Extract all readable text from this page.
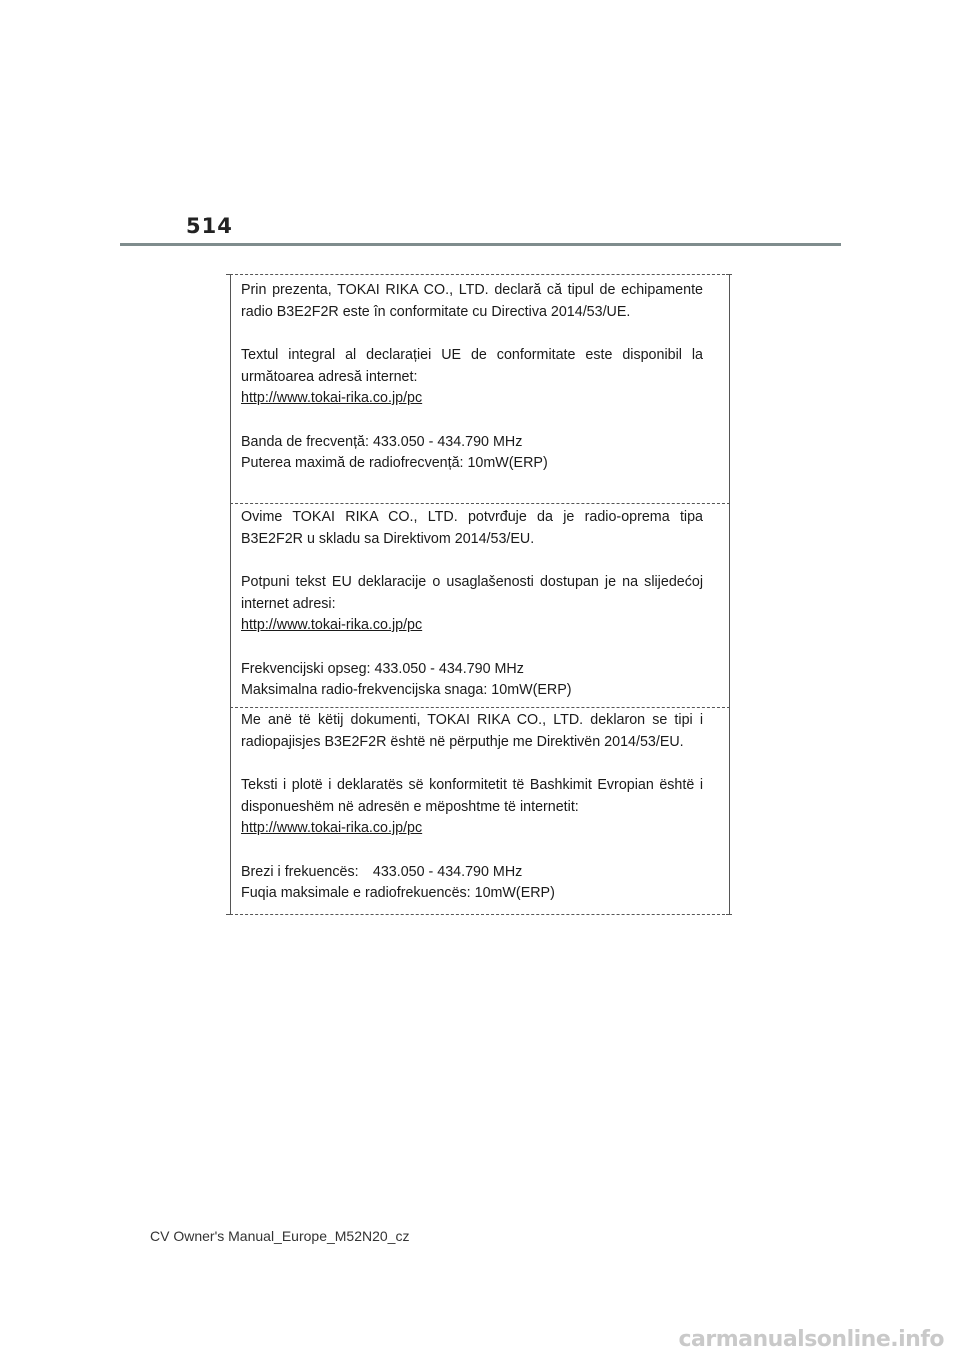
514

Prin prezenta, TOKAI RIKA CO., LTD. declară că tipul de echipamente radio B3E2F2R este în conformitate cu Directiva 2014/53/UE.

Textul integral al declarației UE de conformitate este disponibil la următoarea adresă internet:

http://www.tokai-rika.co.jp/pc

Banda de frecvență: 433.050 - 434.790 MHz

Puterea maximă de radiofrecvență: 10mW(ERP)

Ovime TOKAI RIKA CO., LTD. potvrđuje da je radio-oprema tipa B3E2F2R u skladu sa Direktivom 2014/53/EU.

Potpuni tekst EU deklaracije o usaglašenosti dostupan je na slijedećoj internet adresi:

http://www.tokai-rika.co.jp/pc

Frekvencijski opseg: 433.050 - 434.790 MHz

Maksimalna radio-frekvencijska snaga: 10mW(ERP)

Me anë të këtij dokumenti, TOKAI RIKA CO., LTD. deklaron se tipi i radiopajisjes B3E2F2R është në përputhje me Direktivën 2014/53/EU.

Teksti i plotë i deklaratës së konformitetit të Bashkimit Evropian është i disponueshëm në adresën e mëposhtme të internetit:

http://www.tokai-rika.co.jp/pc

Brezi i frekuencës:　433.050 - 434.790 MHz

Fuqia maksimale e radiofrekuencës: 10mW(ERP)
CV Owner's Manual_Europe_M52N20_cz
carmanualsonline.info
